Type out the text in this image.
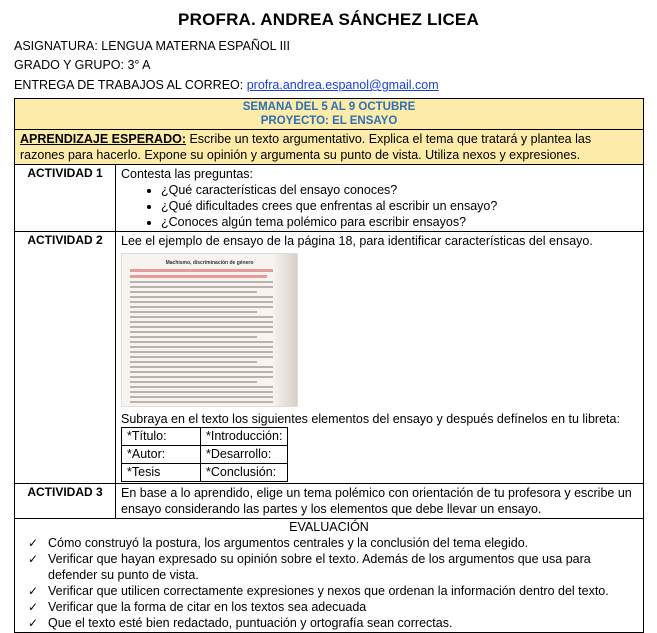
PROFRA. ANDREA SÁNCHEZ LICEA
ASIGNATURA: LENGUA MATERNA ESPAÑOL III
GRADO Y GRUPO: 3° A
ENTREGA DE TRABAJOS AL CORREO: profra.andrea.espanol@gmail.com
SEMANA DEL 5 AL 9 OCTUBRE
PROYECTO: EL ENSAYO

APRENDIZAJE ESPERADO: Escribe un texto argumentativo. Explica el tema que tratará y plantea las razones para hacerlo. Expone su opinión y argumenta su punto de vista. Utiliza nexos y expresiones.
ACTIVIDAD 1	Contesta las preguntas:
• ¿Qué características del ensayo conoces?
• ¿Qué dificultades crees que enfrentas al escribir un ensayo?
• ¿Conoces algún tema polémico para escribir ensayos?

ACTIVIDAD 2	Lee el ejemplo de ensayo de la página 18, para identificar características del ensayo.
Machismo, discriminación de género
Subraya en el texto los siguientes elementos del ensayo y después defínelos en tu libreta:
*Título:	*Introducción:
*Autor:	*Desarrollo:
*Tesis	*Conclusión:

ACTIVIDAD 3	En base a lo aprendido, elige un tema polémico con orientación de tu profesora y escribe un ensayo considerando las partes y los elementos que debe llevar un ensayo.

EVALUACIÓN
✓ Cómo construyó la postura, los argumentos centrales y la conclusión del tema elegido.
✓ Verificar que hayan expresado su opinión sobre el texto. Además de los argumentos que usa para defender su punto de vista.
✓ Verificar que utilicen correctamente expresiones y nexos que ordenan la información dentro del texto.
✓ Verificar que la forma de citar en los textos sea adecuada
✓ Que el texto esté bien redactado, puntuación y ortografía sean correctas.
